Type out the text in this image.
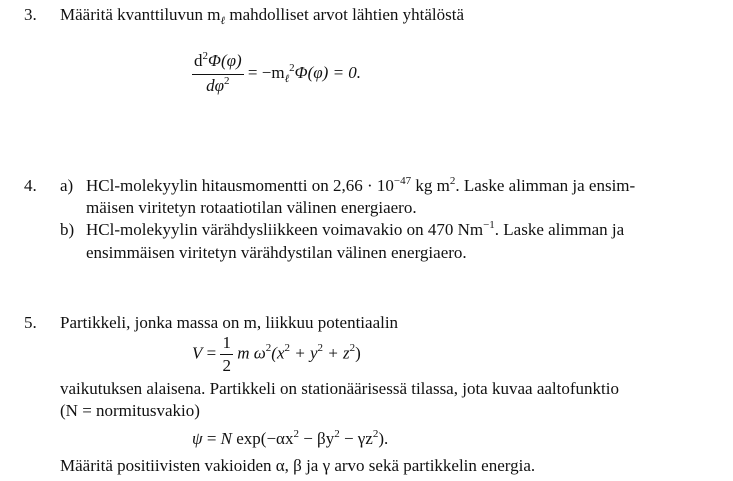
3. Määritä kvanttiluvun $m_\ell$ mahdolliset arvot lähtien yhtälöstä
$\frac{d^2\Phi(\varphi)}{d\varphi^2} = -m_\ell^2\Phi(\varphi) = 0$.
4. a) HCl-molekyylin hitausmomentti on $2,66 \cdot 10^{-47}$ kg $m^2$. Laske alimman ja ensim-
mäisen viritetyn rotaatiotilan välinen energiaero.
b) HCl-molekyylin värähdysliikkeen voimavakio on 470 $Nm^{-1}$. Laske alimman ja
ensimmäisen viritetyn värähdystilan välinen energiaero.
5. Partikkeli, jonka massa on m, liikkuu potentiaalin
$V = \frac{1}{2}$ m $\omega^2(x^2 + y^2 + z^2)$
vaikutuksen alaisena. Partikkeli on stationäärisessä tilassa, jota kuvaa aaltofunktio
(N = normitusvakio)
ψ = N $\exp(-\alpha x^2 - \beta y^2 - \gamma z^2)$.
Määritä positiivisten vakioiden α, β ja γ arvo sekä partikkelin energia.
